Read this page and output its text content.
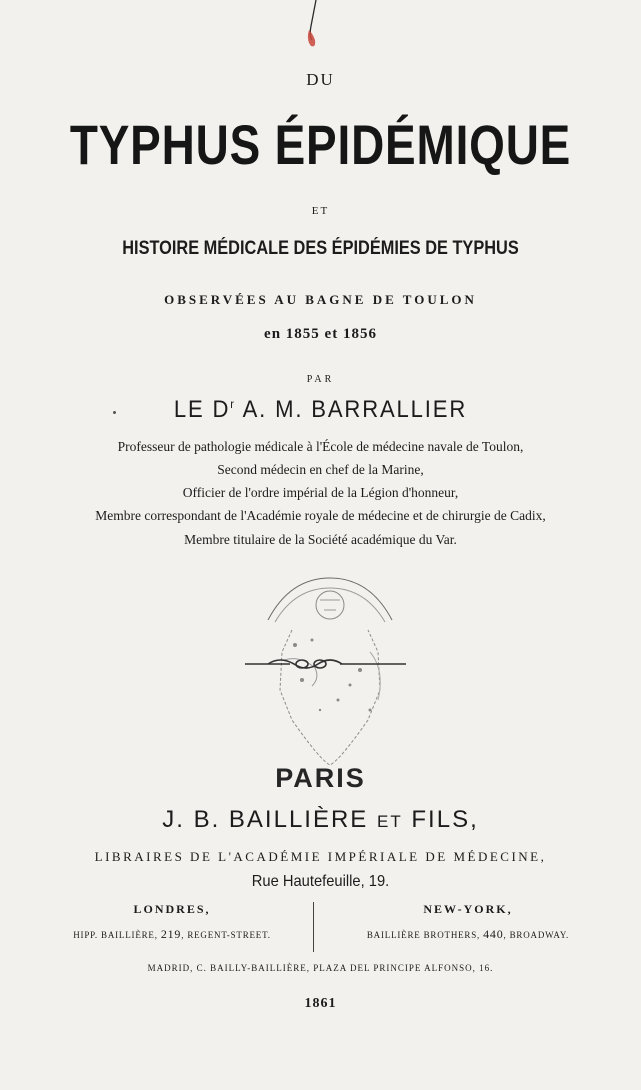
DU
TYPHUS ÉPIDÉMIQUE
ET
HISTOIRE MÉDICALE DES ÉPIDÉMIES DE TYPHUS
OBSERVÉES AU BAGNE DE TOULON
en 1855 et 1856
PAR
LE $D^r$ A. M. BARRALLIER
Professeur de pathologie médicale à l'École de médecine navale de Toulon,
Second médecin en chef de la Marine,
Officier de l'ordre impérial de la Légion d'honneur,
Membre correspondant de l'Académie royale de médecine et de chirurgie de Cadix,
Membre titulaire de la Société académique du Var.
PARIS
J. B. BAILLIÈRE ET FILS,
LIBRAIRES DE L'ACADÉMIE IMPÉRIALE DE MÉDECINE,
Rue Hautefeuille, 19.
LONDRES,
HIPP. BAILLIÈRE, 219, REGENT-STREET.
NEW-YORK,
BAILLIÈRE BROTHERS, 440, BROADWAY.
MADRID, C. BAILLY-BAILLIÈRE, PLAZA DEL PRINCIPE ALFONSO, 16.
1861
